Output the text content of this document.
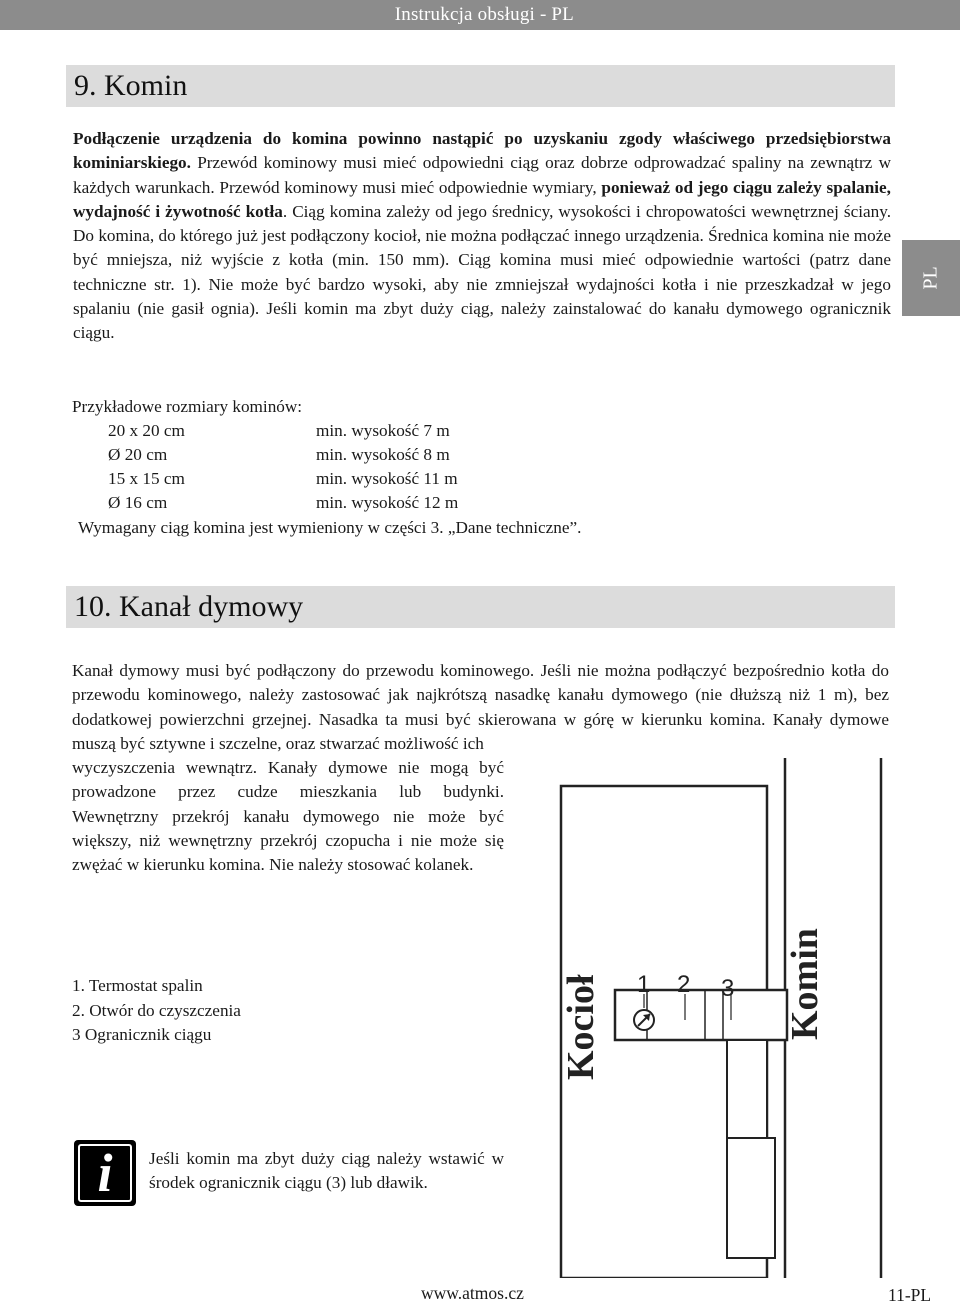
Instrukcja obsługi - PL
PL
9. Komin
Podłączenie urządzenia do komina powinno nastąpić po uzyskaniu zgody właściwego przedsiębiorstwa kominiarskiego. Przewód kominowy musi mieć odpowiedni ciąg oraz dobrze odprowadzać spaliny na zewnątrz w każdych warunkach. Przewód kominowy musi mieć odpowiednie wymiary, ponieważ od jego ciągu zależy spalanie, wydajność i żywotność kotła. Ciąg komina zależy od jego średnicy, wysokości i chropowatości wewnętrznej ściany. Do komina, do którego już jest podłączony kocioł, nie można podłączać innego urządzenia. Średnica komina nie może być mniejsza, niż wyjście z kotła (min. 150 mm). Ciąg komina musi mieć odpowiednie wartości (patrz dane techniczne str. 1). Nie może być bardzo wysoki, aby nie zmniejszał wydajności kotła i nie przeszkadzał w jego spalaniu (nie gasił ognia). Jeśli komin ma zbyt duży ciąg, należy zainstalować do kanału dymowego ogranicznik ciągu.
Przykładowe rozmiary kominów:
20 x 20 cm	min. wysokość 7 m
Ø 20 cm	min. wysokość 8 m
15 x 15 cm	min. wysokość 11 m
Ø 16 cm	min. wysokość 12 m
Wymagany ciąg komina jest wymieniony w części 3. „Dane techniczne”.
10. Kanał dymowy
Kanał dymowy musi być podłączony do przewodu kominowego. Jeśli nie można podłączyć bezpośrednio kotła do przewodu kominowego, należy zastosować jak najkrótszą nasadkę kanału dymowego (nie dłuższą niż 1 m), bez dodatkowej powierzchni grzejnej. Nasadka ta musi być skierowana w górę w kierunku komina. Kanały dymowe muszą być sztywne i szczelne, oraz stwarzać możliwość ich
wyczyszczenia wewnątrz. Kanały dymowe nie mogą być prowadzone przez cudze mieszkania lub budynki. Wewnętrzny przekrój kanału dymowego nie może być większy, niż wewnętrzny przekrój czopucha i nie może się zwężać w kierunku komina. Nie należy stosować kolanek.
1. Termostat spalin
2. Otwór do czyszczenia
3 Ogranicznik ciągu
i	Jeśli komin ma zbyt duży ciąg należy wstawić w środek ogranicznik ciągu (3) lub dławik.
1 2 3
Kocioł	Komin
www.atmos.cz	11-PL
